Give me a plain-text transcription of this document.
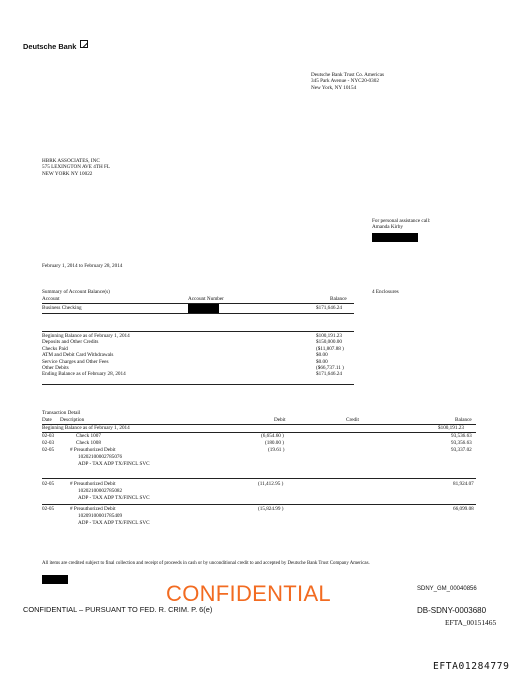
Deutsche Bank
Deutsche Bank Trust Co. Americas
345 Park Avenue - NYC20-0302
New York, NY 10154
HBRK ASSOCIATES, INC
575 LEXINGTON AVE 4TH FL
NEW YORK NY 10022
For personal assistance call:
Amanda Kirby
February 1, 2014 to February 28, 2014
Summary of Account Balance(s)	4 Enclosures
Account	Account Number	Balance
Business Checking	$171,646.24
Beginning Balance as of February 1, 2014	$100,191.23
Deposits and Other Credits	$150,000.00
Checks Paid	($11,807.88 )
ATM and Debit Card Withdrawals	$0.00
Service Charges and Other Fees	$0.00
Other Debits	($66,737.11 )
Ending Balance as of February 28, 2014	$171,646.24
Transaction Detail
Date Description	Debit	Credit	Balance
Beginning Balance as of February 1, 2014	$100,191.23
02-03	Check 1007	(6,654.60 )	93,536.63
02-03	Check 1008	(180.00 )	93,356.63
02-05	# Preauthorized Debit
10202100002785076
ADP - TAX ADP TX/FINCL SVC
(19.61 )	93,337.02
02-05	# Preauthorized Debit
10202100002785082
ADP - TAX ADP TX/FINCL SVC
(11,412.95 )	81,924.07
02-05	# Preauthorized Debit
10209100001785409
ADP - TAX ADP TX/FINCL SVC
(15,824.99 )	66,099.08
All items are credited subject to final collection and receipt of proceeds in cash or by unconditional credit to and accepted by Deutsche Bank Trust Company Americas.
CONFIDENTIAL
CONFIDENTIAL – PURSUANT TO FED. R. CRIM. P. 6(e)
SDNY_GM_00040856
DB-SDNY-0003680
EFTA_00151465
EFTA01284779
